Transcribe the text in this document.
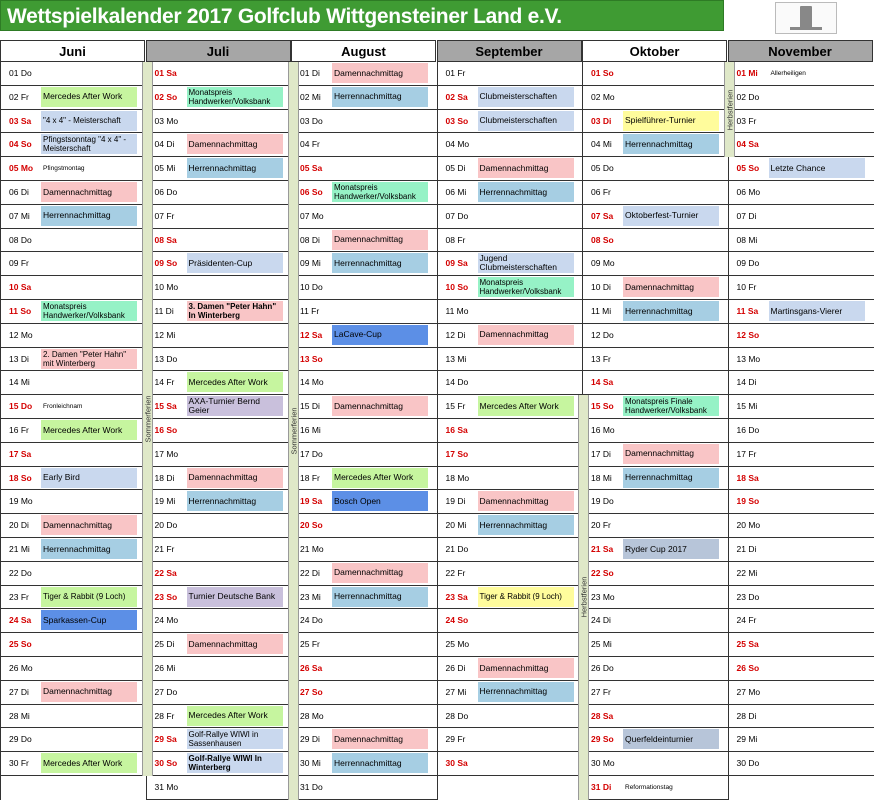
Wettspielkalender 2017 Golfclub Wittgensteiner Land e.V.
Juni
01 Do
02 Fr Mercedes After Work
03 Sa "4 x 4" - Meisterschaft
04 So Pfingstsonntag "4 x 4" - Meisterschaft
05 Mo	Pfingstmontag
06 Di Damennachmittag
07 Mi Herrennachmittag
08 Do
09 Fr
10 Sa
11 So Monatspreis Handwerker/Volksbank
12 Mo
13 Di 2. Damen "Peter Hahn" mit Winterberg
14 Mi
15 Do	Fronleichnam
16 Fr Mercedes After Work
17 Sa
18 So Early Bird
19 Mo
20 Di Damennachmittag
21 Mi Herrennachmittag
22 Do
23 Fr Tiger & Rabbit (9 Loch)
24 Sa Sparkassen-Cup
25 So
26 Mo
27 Di Damennachmittag
28 Mi
29 Do
30 Fr Mercedes After Work
Juli
01 Sa
02 So Monatspreis Handwerker/Volksbank
03 Mo
04 Di Damennachmittag
05 Mi Herrennachmittag
06 Do
07 Fr
08 Sa
09 So Präsidenten-Cup
10 Mo
11 Di 3. Damen "Peter Hahn" In Winterberg
12 Mi
13 Do
14 Fr Mercedes After Work
15 Sa AXA-Turnier Bernd Geier
16 So
17 Mo
18 Di Damennachmittag
19 Mi Herrennachmittag
20 Do
21 Fr
22 Sa
23 So Turnier Deutsche Bank
24 Mo
25 Di Damennachmittag
26 Mi
27 Do
28 Fr Mercedes After Work
29 Sa Golf-Rallye WIWI in Sassenhausen
30 So Golf-Rallye WIWI In Winterberg
31 Mo
August
01 Di Damennachmittag
02 Mi Herrennachmittag
03 Do
04 Fr
05 Sa
06 So Monatspreis Handwerker/Volksbank
07 Mo
08 Di Damennachmittag
09 Mi Herrennachmittag
10 Do
11 Fr
12 Sa LaCave-Cup
13 So
14 Mo
15 Di Damennachmittag
16 Mi
17 Do
18 Fr Mercedes After Work
19 Sa Bosch Open
20 So
21 Mo
22 Di Damennachmittag
23 Mi Herrennachmittag
24 Do
25 Fr
26 Sa
27 So
28 Mo
29 Di Damennachmittag
30 Mi Herrennachmittag
31 Do
September
01 Fr
02 Sa Clubmeisterschaften
03 So Clubmeisterschaften
04 Mo
05 Di Damennachmittag
06 Mi Herrennachmittag
07 Do
08 Fr
09 Sa Jugend Clubmeisterschaften
10 So Monatspreis Handwerker/Volksbank
11 Mo
12 Di Damennachmittag
13 Mi
14 Do
15 Fr Mercedes After Work
16 Sa
17 So
18 Mo
19 Di Damennachmittag
20 Mi Herrennachmittag
21 Do
22 Fr
23 Sa Tiger & Rabbit (9 Loch)
24 So
25 Mo
26 Di Damennachmittag
27 Mi Herrennachmittag
28 Do
29 Fr
30 Sa
Oktober
01 So
02 Mo
03 Di Spielführer-Turnier
04 Mi Herrennachmittag
05 Do
06 Fr
07 Sa Oktoberfest-Turnier
08 So
09 Mo
10 Di Damennachmittag
11 Mi Herrennachmittag
12 Do
13 Fr
14 Sa
15 So Monatspreis Finale Handwerker/Volksbank
16 Mo
17 Di Damennachmittag
18 Mi Herrennachmittag
19 Do
20 Fr
21 Sa Ryder Cup 2017
22 So
23 Mo
24 Di
25 Mi
26 Do
27 Fr
28 Sa
29 So Querfeldeinturnier
30 Mo
31 Di	Reformationstag
November
01 Mi	Allerheiligen
02 Do
03 Fr
04 Sa
05 So Letzte Chance
06 Mo
07 Di
08 Mi
09 Do
10 Fr
11 Sa Martinsgans-Vierer
12 So
13 Mo
14 Di
15 Mi
16 Do
17 Fr
18 Sa
19 So
20 Mo
21 Di
22 Mi
23 Do
24 Fr
25 Sa
26 So
27 Mo
28 Di
29 Mi
30 Do
Sommerferien
Herbstferien
Herbstferien
Sommerferien
